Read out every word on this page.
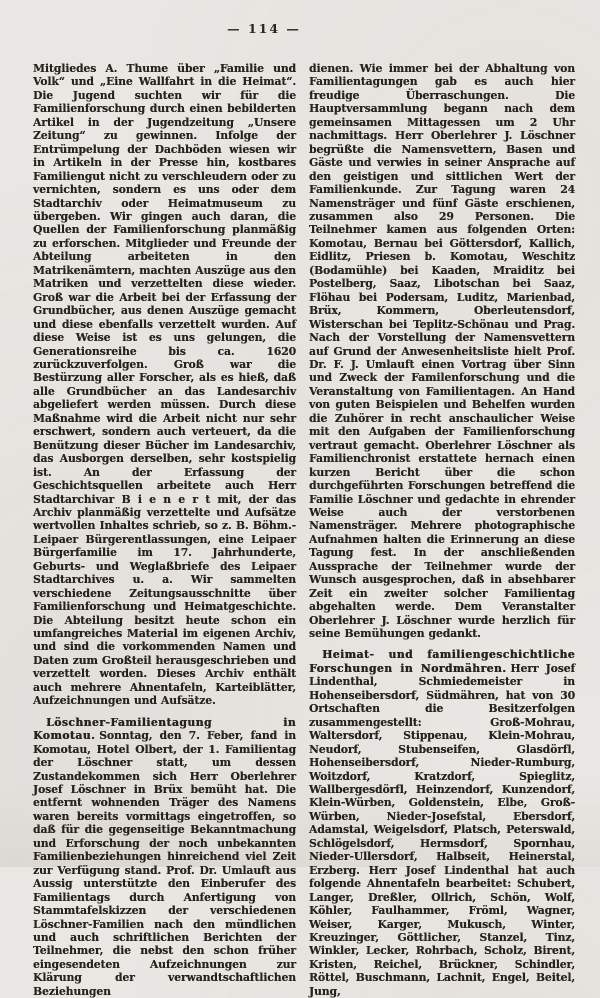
— 114 —

Mitgliedes A. Thume über „Familie und Volk“ und „Eine Wallfahrt in die Heimat“. Die Jugend suchten wir für die Familienforschung durch einen bebilderten Artikel in der Jugendzeitung „Unsere Zeitung“ zu gewinnen. Infolge der Entrümpelung der Dachböden wiesen wir in Artikeln in der Presse hin, kostbares Familiengut nicht zu verschleudern oder zu vernichten, sondern es uns oder dem Stadtarchiv oder Heimatmuseum zu übergeben. Wir gingen auch daran, die Quellen der Familienforschung planmäßig zu erforschen. Mitglieder und Freunde der Abteilung arbeiteten in den Matrikenämtern, machten Auszüge aus den Matriken und verzettelten diese wieder. Groß war die Arbeit bei der Erfassung der Grundbücher, aus denen Auszüge gemacht und diese ebenfalls verzettelt wurden. Auf diese Weise ist es uns gelungen, die Generationsreihe bis ca. 1620 zurückzuverfolgen. Groß war die Bestürzung aller Forscher, als es hieß, daß alle Grundbücher an das Landesarchiv abgeliefert werden müssen. Durch diese Maßnahme wird die Arbeit nicht nur sehr erschwert, sondern auch verteuert, da die Benützung dieser Bücher im Landesarchiv, das Ausborgen derselben, sehr kostspielig ist. An der Erfassung der Geschichtsquellen arbeitete auch Herr Stadtarchivar B i e n e r t mit, der das Archiv planmäßig verzettelte und Aufsätze wertvollen Inhaltes schrieb, so z. B. Böhm.-Leipaer Bürgerentlassungen, eine Leipaer Bürgerfamilie im 17. Jahrhunderte, Geburts- und Weglaßbriefe des Leipaer Stadtarchives u. a. Wir sammelten verschiedene Zeitungsausschnitte über Familienforschung und Heimatgeschichte. Die Abteilung besitzt heute schon ein umfangreiches Material im eigenen Archiv, und sind die vorkommenden Namen und Daten zum Großteil herausgeschrieben und verzettelt worden. Dieses Archiv enthält auch mehrere Ahnentafeln, Karteiblätter, Aufzeichnungen und Aufsätze.

Löschner-Familientagung in Komotau. Sonntag, den 7. Feber, fand in Komotau, Hotel Olbert, der 1. Familientag der Löschner statt, um dessen Zustandekommen sich Herr Oberlehrer Josef Löschner in Brüx bemüht hat. Die entfernt wohnenden Träger des Namens waren bereits vormittags eingetroffen, so daß für die gegenseitige Bekanntmachung und Erforschung der noch unbekannten Familienbeziehungen hinreichend viel Zeit zur Verfügung stand. Prof. Dr. Umlauft aus Aussig unterstützte den Einberufer des Familientags durch Anfertigung von Stammtafelskizzen der verschiedenen Löschner-Familien nach den mündlichen und auch schriftlichen Berichten der Teilnehmer, die nebst den schon früher eingesendeten Aufzeichnungen zur Klärung der verwandtschaftlichen Beziehungen

dienen. Wie immer bei der Abhaltung von Familientagungen gab es auch hier freudige Überraschungen. Die Hauptversammlung begann nach dem gemeinsamen Mittagessen um 2 Uhr nachmittags. Herr Oberlehrer J. Löschner begrüßte die Namensvettern, Basen und Gäste und verwies in seiner Ansprache auf den geistigen und sittlichen Wert der Familienkunde. Zur Tagung waren 24 Namensträger und fünf Gäste erschienen, zusammen also 29 Personen. Die Teilnehmer kamen aus folgenden Orten: Komotau, Bernau bei Göttersdorf, Kallich, Eidlitz, Priesen b. Komotau, Weschitz (Bodamühle) bei Kaaden, Mraiditz bei Postelberg, Saaz, Libotschan bei Saaz, Flöhau bei Podersam, Luditz, Marienbad, Brüx, Kommern, Oberleutensdorf, Wisterschan bei Teplitz-Schönau und Prag. Nach der Vorstellung der Namensvettern auf Grund der Anwesenheitsliste hielt Prof. Dr. F. J. Umlauft einen Vortrag über Sinn und Zweck der Familenforschung und die Veranstaltung von Familientagen. An Hand von guten Beispielen und Behelfen wurden die Zuhörer in recht anschaulicher Weise mit den Aufgaben der Familienforschung vertraut gemacht. Oberlehrer Löschner als Familienchronist erstattete hernach einen kurzen Bericht über die schon durchgeführten Forschungen betreffend die Familie Löschner und gedachte in ehrender Weise auch der verstorbenen Namensträger. Mehrere photographische Aufnahmen halten die Erinnerung an diese Tagung fest. In der anschließenden Aussprache der Teilnehmer wurde der Wunsch ausgesprochen, daß in absehbarer Zeit ein zweiter solcher Familientag abgehalten werde. Dem Veranstalter Oberlehrer J. Löschner wurde herzlich für seine Bemühungen gedankt.

Heimat- und familiengeschichtliche Forschungen in Nordmähren. Herr Josef Lindenthal, Schmiedemeister in Hohenseibersdorf, Südmähren, hat von 30 Ortschaften die Besitzerfolgen zusammengestellt: Groß-Mohrau, Waltersdorf, Stippenau, Klein-Mohrau, Neudorf, Stubenseifen, Glasdörfl, Hohenseibersdorf, Nieder-Rumburg, Woitzdorf, Kratzdorf, Spieglitz, Wallbergesdörfl, Heinzendorf, Kunzendorf, Klein-Würben, Goldenstein, Elbe, Groß-Würben, Nieder-Josefstal, Ebersdorf, Adamstal, Weigelsdorf, Platsch, Peterswald, Schlögelsdorf, Hermsdorf, Spornhau, Nieder-Ullersdorf, Halbseit, Heinerstal, Erzberg. Herr Josef Lindenthal hat auch folgende Ahnentafeln bearbeitet: Schubert, Langer, Dreßler, Ollrich, Schön, Wolf, Köhler, Faulhammer, Fröml, Wagner, Weiser, Karger, Mukusch, Winter, Kreuzinger, Göttlicher, Stanzel, Tinz, Winkler, Lecker, Rohrbach, Scholz, Birent, Kristen, Reichel, Brückner, Schindler, Röttel, Buschmann, Lachnit, Engel, Beitel, Jung,
